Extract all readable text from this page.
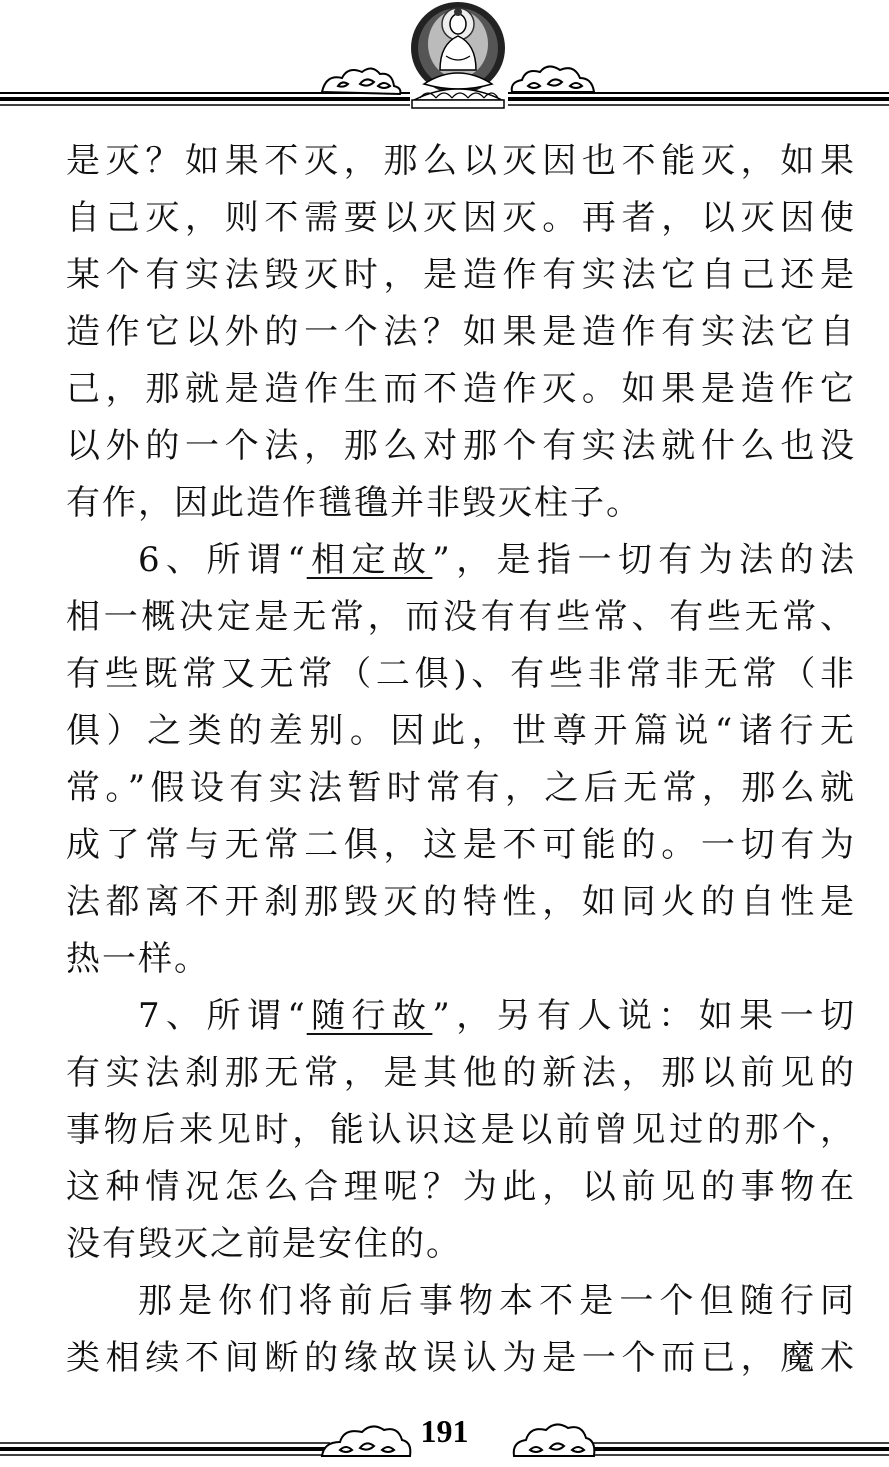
是灭？如果不灭，那么以灭因也不能灭，如果
自己灭，则不需要以灭因灭。再者，以灭因使
某个有实法毁灭时，是造作有实法它自己还是
造作它以外的一个法？如果是造作有实法它自
己，那就是造作生而不造作灭。如果是造作它
以外的一个法，那么对那个有实法就什么也没
有作，因此造作氆氇并非毁灭柱子。
6、所谓“相定故”，是指一切有为法的法
相一概决定是无常，而没有有些常、有些无常、
有些既常又无常（二俱)、有些非常非无常（非
俱）之类的差别。因此，世尊开篇说“诸行无
常。”假设有实法暂时常有，之后无常，那么就
成了常与无常二俱，这是不可能的。一切有为
法都离不开刹那毁灭的特性，如同火的自性是
热一样。
7、所谓“随行故”，另有人说：如果一切
有实法刹那无常，是其他的新法，那以前见的
事物后来见时，能认识这是以前曾见过的那个，
这种情况怎么合理呢？为此，以前见的事物在
没有毁灭之前是安住的。
那是你们将前后事物本不是一个但随行同
类相续不间断的缘故误认为是一个而已，魔术
191
